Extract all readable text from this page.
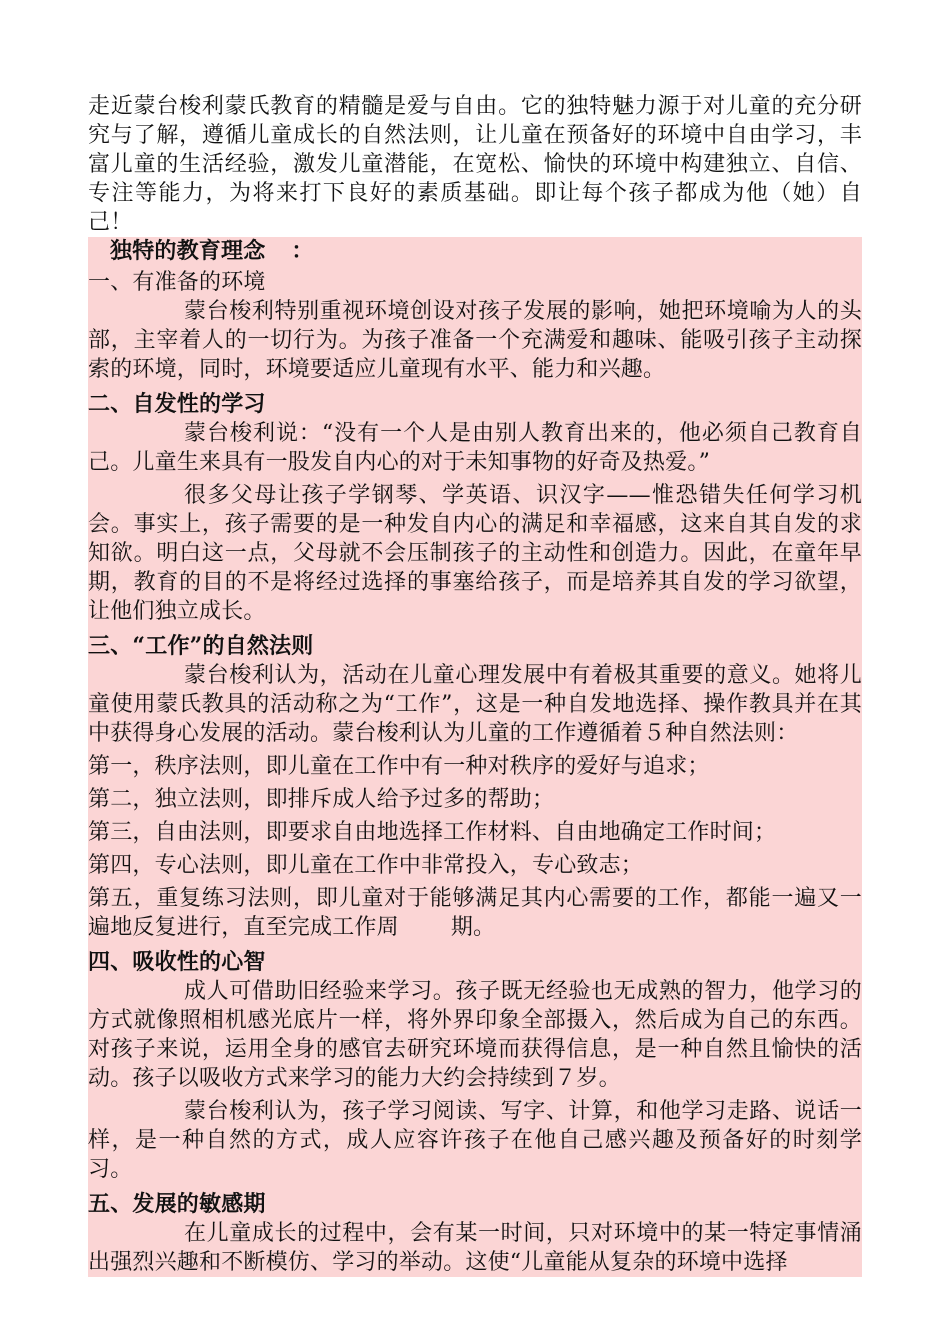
走近蒙台梭利蒙氏教育的精髓是爱与自由。它的独特魅力源于对儿童的充分研究与了解，遵循儿童成长的自然法则，让儿童在预备好的环境中自由学习，丰富儿童的生活经验，激发儿童潜能，在宽松、愉快的环境中构建独立、自信、专注等能力，为将来打下良好的素质基础。即让每个孩子都成为他（她）自己！

独特的教育理念 ：
一、有准备的环境

蒙台梭利特别重视环境创设对孩子发展的影响，她把环境喻为人的头部，主宰着人的一切行为。为孩子准备一个充满爱和趣味、能吸引孩子主动探索的环境，同时，环境要适应儿童现有水平、能力和兴趣。

二、自发性的学习

蒙台梭利说：“没有一个人是由别人教育出来的，他必须自己教育自己。儿童生来具有一股发自内心的对于未知事物的好奇及热爱。”

很多父母让孩子学钢琴、学英语、识汉字——惟恐错失任何学习机会。事实上，孩子需要的是一种发自内心的满足和幸福感，这来自其自发的求知欲。明白这一点，父母就不会压制孩子的主动性和创造力。因此，在童年早期，教育的目的不是将经过选择的事塞给孩子，而是培养其自发的学习欲望，让他们独立成长。

三、“工作”的自然法则

蒙台梭利认为，活动在儿童心理发展中有着极其重要的意义。她将儿童使用蒙氏教具的活动称之为“工作”，这是一种自发地选择、操作教具并在其中获得身心发展的活动。蒙台梭利认为儿童的工作遵循着５种自然法则：

第一，秩序法则，即儿童在工作中有一种对秩序的爱好与追求；

第二，独立法则，即排斥成人给予过多的帮助；

第三，自由法则，即要求自由地选择工作材料、自由地确定工作时间；

第四，专心法则，即儿童在工作中非常投入，专心致志；

第五，重复练习法则，即儿童对于能够满足其内心需要的工作，都能一遍又一遍地反复进行，直至完成工作周 期。

四、吸收性的心智

成人可借助旧经验来学习。孩子既无经验也无成熟的智力，他学习的方式就像照相机感光底片一样，将外界印象全部摄入，然后成为自己的东西。对孩子来说，运用全身的感官去研究环境而获得信息，是一种自然且愉快的活动。孩子以吸收方式来学习的能力大约会持续到７岁。

蒙台梭利认为，孩子学习阅读、写字、计算，和他学习走路、说话一样，是一种自然的方式，成人应容许孩子在他自己感兴趣及预备好的时刻学习。

五、发展的敏感期

在儿童成长的过程中，会有某一时间，只对环境中的某一特定事情涌出强烈兴趣和不断模仿、学习的举动。这使“儿童能从复杂的环境中选择
